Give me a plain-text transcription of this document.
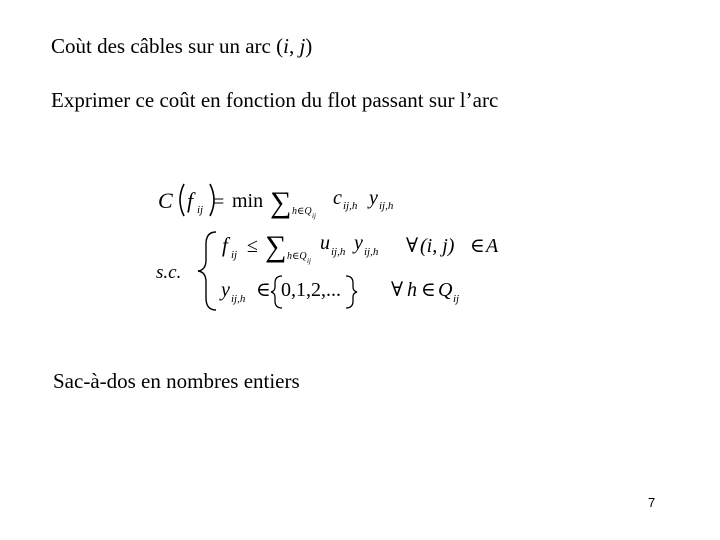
Coùt des câbles sur un arc (i, j)
Exprimer ce coût en fonction du flot passant sur l’arc
C f ij = min ∑ h∈Q ij
c ij,h y ij,h
s.c.
f ij ≤ ∑ h∈Q ij
u ij,h y ij,h ∀ (i, j) ∈ A
y ij,h ∈ 0,1,2,...	∀ h ∈ Q ij
Sac-à-dos en nombres entiers
7
